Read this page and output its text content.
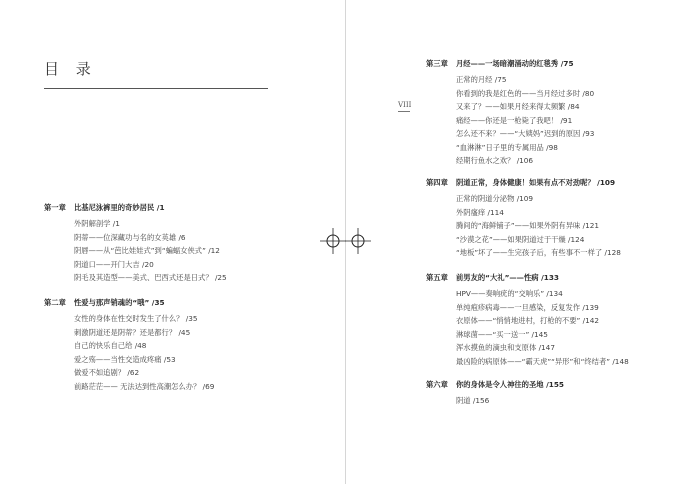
目 录
VIII
第一章 比基尼泳裤里的奇妙居民 /1
外阴解剖学 /1
阴蒂——位深藏功与名的女英雄 /6
阴唇——从“芭比娃娃式”到“蝙蝠女侠式” /12
阴道口——开门大吉 /20
阴毛及其造型——美式、巴西式还是日式？ /25
第二章 性爱与那声销魂的“哦” /35
女性的身体在性交时发生了什么？ /35
刺激阴道还是阴蒂？还是都行？ /45
自己的快乐自己给 /48
爱之殇——当性交造成疼痛 /53
做爱不如追剧？ /62
前路茫茫—— 无法达到性高潮怎么办？ /69
第三章 月经——一场暗潮涌动的红毯秀 /75
正常的月经 /75
你看到的我是红色的——当月经过多时 /80
又来了？——如果月经来得太频繁 /84
痛经——你还是一枪毙了我吧！ /91
怎么还不来？——“大姨妈”迟到的原因 /93
“血淋淋”日子里的专属用品 /98
经期行鱼水之欢？ /106
第四章 阴道正常，身体健康！如果有点不对劲呢？ /109
正常的阴道分泌物 /109
外阴瘙痒 /114
腾间的“海鲜铺子”——如果外阴有异味 /121
“沙漠之花”——如果阴道过于干燥 /124
“地板”坏了——生完孩子后，有些事不一样了 /128
第五章 前男友的“大礼”——性病 /133
HPV——奏响疣的“交响乐” /134
单纯疱疹病毒——一旦感染，反复发作 /139
衣原体——“悄悄地进村，打枪的不要” /142
淋球菌——“买一送一” /145
浑水摸鱼的滴虫和支原体 /147
最凶险的病原体——“霸天虎”“异形”和“终结者” /148
第六章 你的身体是令人神往的圣地 /155
阴道 /156
